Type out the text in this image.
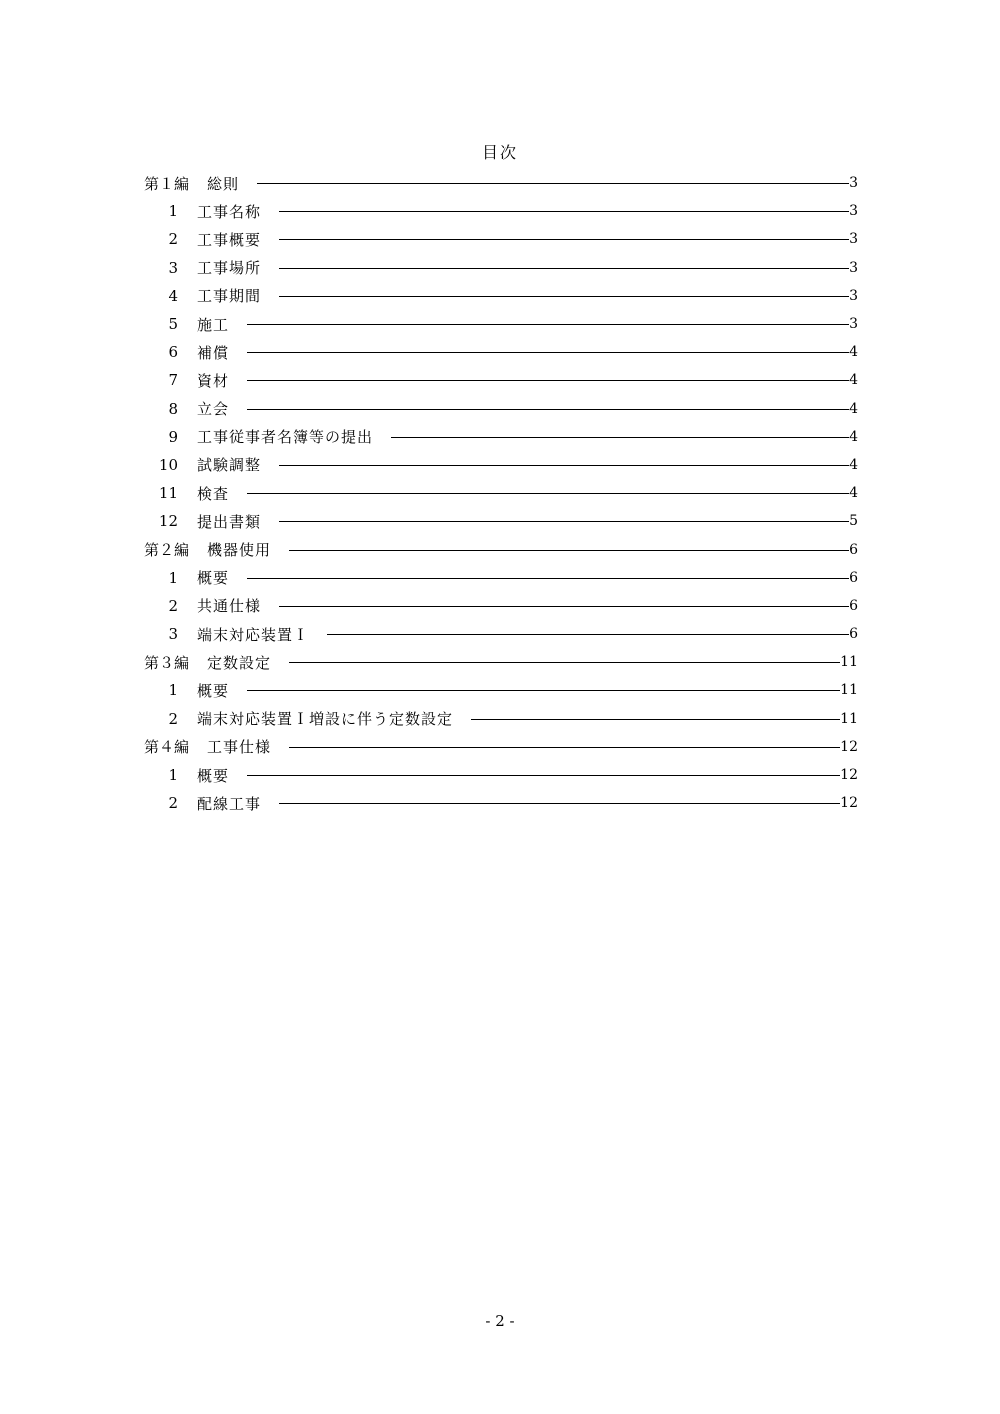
目次
第１編 総則	3
1 工事名称	3
2 工事概要	3
3 工事場所	3
4 工事期間	3
5 施工	3
6 補償	4
7 資材	4
8 立会	4
9 工事従事者名簿等の提出	4
10 試験調整	4
11 検査	4
12 提出書類	5
第２編 機器使用	6
1 概要	6
2 共通仕様	6
3 端末対応装置Ｉ	6
第３編 定数設定	11
1 概要	11
2 端末対応装置Ｉ増設に伴う定数設定	11
第４編 工事仕様	12
1 概要	12
2 配線工事	12
- 2 -
